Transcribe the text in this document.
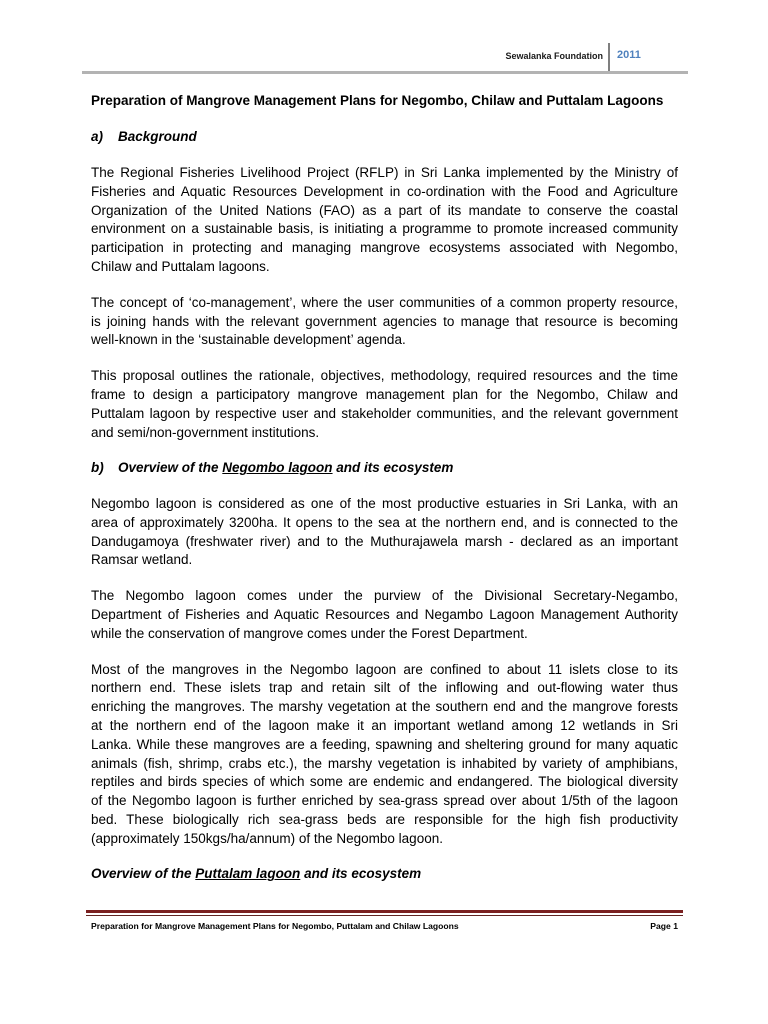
Sewalanka Foundation 2011
Preparation of Mangrove Management Plans for Negombo, Chilaw and Puttalam Lagoons
a) Background
The Regional Fisheries Livelihood Project (RFLP) in Sri Lanka implemented by the Ministry of
Fisheries and Aquatic Resources Development in co-ordination with the Food and Agriculture
Organization of the United Nations (FAO) as a part of its mandate to conserve the coastal
environment on a sustainable basis, is initiating a programme to promote increased community
participation in protecting and managing mangrove ecosystems associated with Negombo,
Chilaw and Puttalam lagoons.
The concept of ‘co-management’, where the user communities of a common property resource,
is joining hands with the relevant government agencies to manage that resource is becoming
well-known in the ‘sustainable development’ agenda.
This proposal outlines the rationale, objectives, methodology, required resources and the time
frame to design a participatory mangrove management plan for the Negombo, Chilaw and
Puttalam lagoon by respective user and stakeholder communities, and the relevant government
and semi/non-government institutions.
b) Overview of the Negombo lagoon and its ecosystem
Negombo lagoon is considered as one of the most productive estuaries in Sri Lanka, with an
area of approximately 3200ha. It opens to the sea at the northern end, and is connected to the
Dandugamoya (freshwater river) and to the Muthurajawela marsh - declared as an important
Ramsar wetland.
The Negombo lagoon comes under the purview of the Divisional Secretary-Negambo,
Department of Fisheries and Aquatic Resources and Negambo Lagoon Management Authority
while the conservation of mangrove comes under the Forest Department.
Most of the mangroves in the Negombo lagoon are confined to about 11 islets close to its
northern end. These islets trap and retain silt of the inflowing and out-flowing water thus
enriching the mangroves. The marshy vegetation at the southern end and the mangrove forests
at the northern end of the lagoon make it an important wetland among 12 wetlands in Sri
Lanka. While these mangroves are a feeding, spawning and sheltering ground for many aquatic
animals (fish, shrimp, crabs etc.), the marshy vegetation is inhabited by variety of amphibians,
reptiles and birds species of which some are endemic and endangered. The biological diversity
of the Negombo lagoon is further enriched by sea-grass spread over about 1/5th of the lagoon
bed. These biologically rich sea-grass beds are responsible for the high fish productivity
(approximately 150kgs/ha/annum) of the Negombo lagoon.
Overview of the Puttalam lagoon and its ecosystem
Preparation for Mangrove Management Plans for Negombo, Puttalam and Chilaw Lagoons	Page 1
